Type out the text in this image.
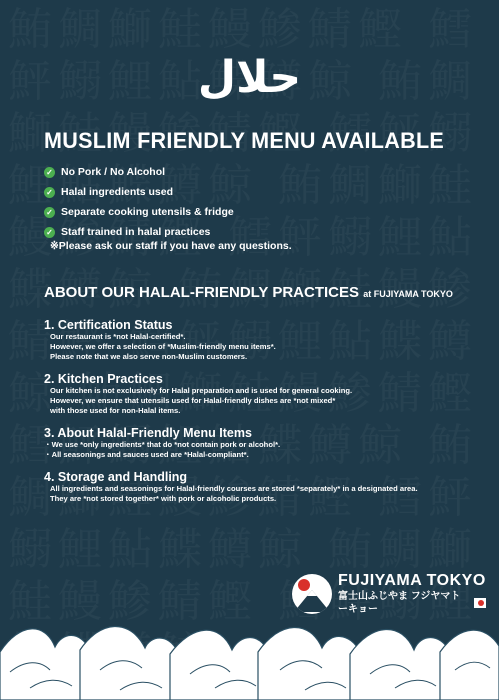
حلال
MUSLIM FRIENDLY MENU AVAILABLE
✓ No Pork / No Alcohol
✓ Halal ingredients used
✓ Separate cooking utensils & fridge
✓ Staff trained in halal practices
※Please ask our staff if you have any questions.
ABOUT OUR HALAL-FRIENDLY PRACTICES at FUJIYAMA TOKYO
1. Certification Status

Our restaurant is *not Halal-certified*.

However, we offer a selection of *Muslim-friendly menu items*.

Please note that we also serve non-Muslim customers.

2. Kitchen Practices

Our kitchen is not exclusively for Halal preparation and is used for general cooking.

However, we ensure that utensils used for Halal-friendly dishes are *not mixed*

with those used for non-Halal items.

3. About Halal-Friendly Menu Items

・We use *only ingredients* that do *not contain pork or alcohol*.

・All seasonings and sauces used are *Halal-compliant*.

4. Storage and Handling

All ingredients and seasonings for Halal-friendly courses are stored *separately* in a designated area.

They are *not stored together* with pork or alcoholic products.

FUJIYAMA TOKYO
富士山ふじやま フジヤマトーキョー
